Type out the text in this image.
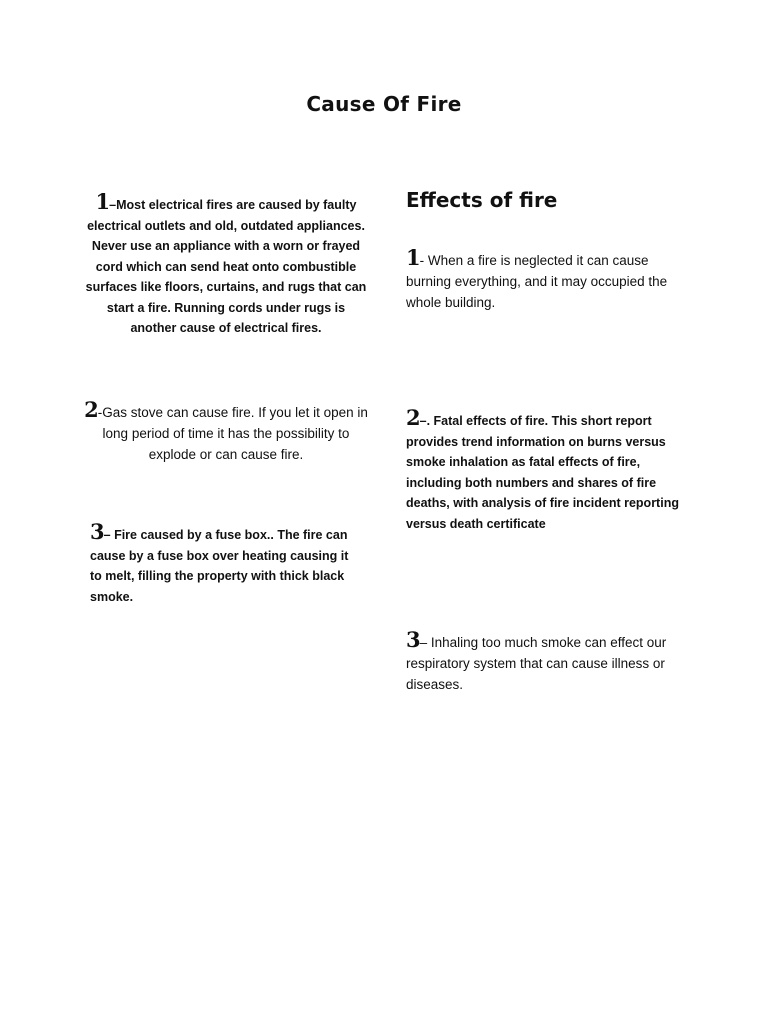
Cause Of Fire

1–Most electrical fires are caused by faulty electrical outlets and old, outdated appliances. Never use an appliance with a worn or frayed cord which can send heat onto combustible surfaces like floors, curtains, and rugs that can start a fire. Running cords under rugs is another cause of electrical fires.

2-Gas stove can cause fire. If you let it open in long period of time it has the possibility to explode or can cause fire.

3– Fire caused by a fuse box.. The fire can cause by a fuse box over heating causing it to melt, filling the property with thick black smoke.

Effects of fire

1- When a fire is neglected it can cause burning everything, and it may occupied the whole building.

2–. Fatal effects of fire. This short report provides trend information on burns versus smoke inhalation as fatal effects of fire, including both numbers and shares of fire deaths, with analysis of fire incident reporting versus death certificate

3– Inhaling too much smoke can effect our respiratory system that can cause illness or diseases.
